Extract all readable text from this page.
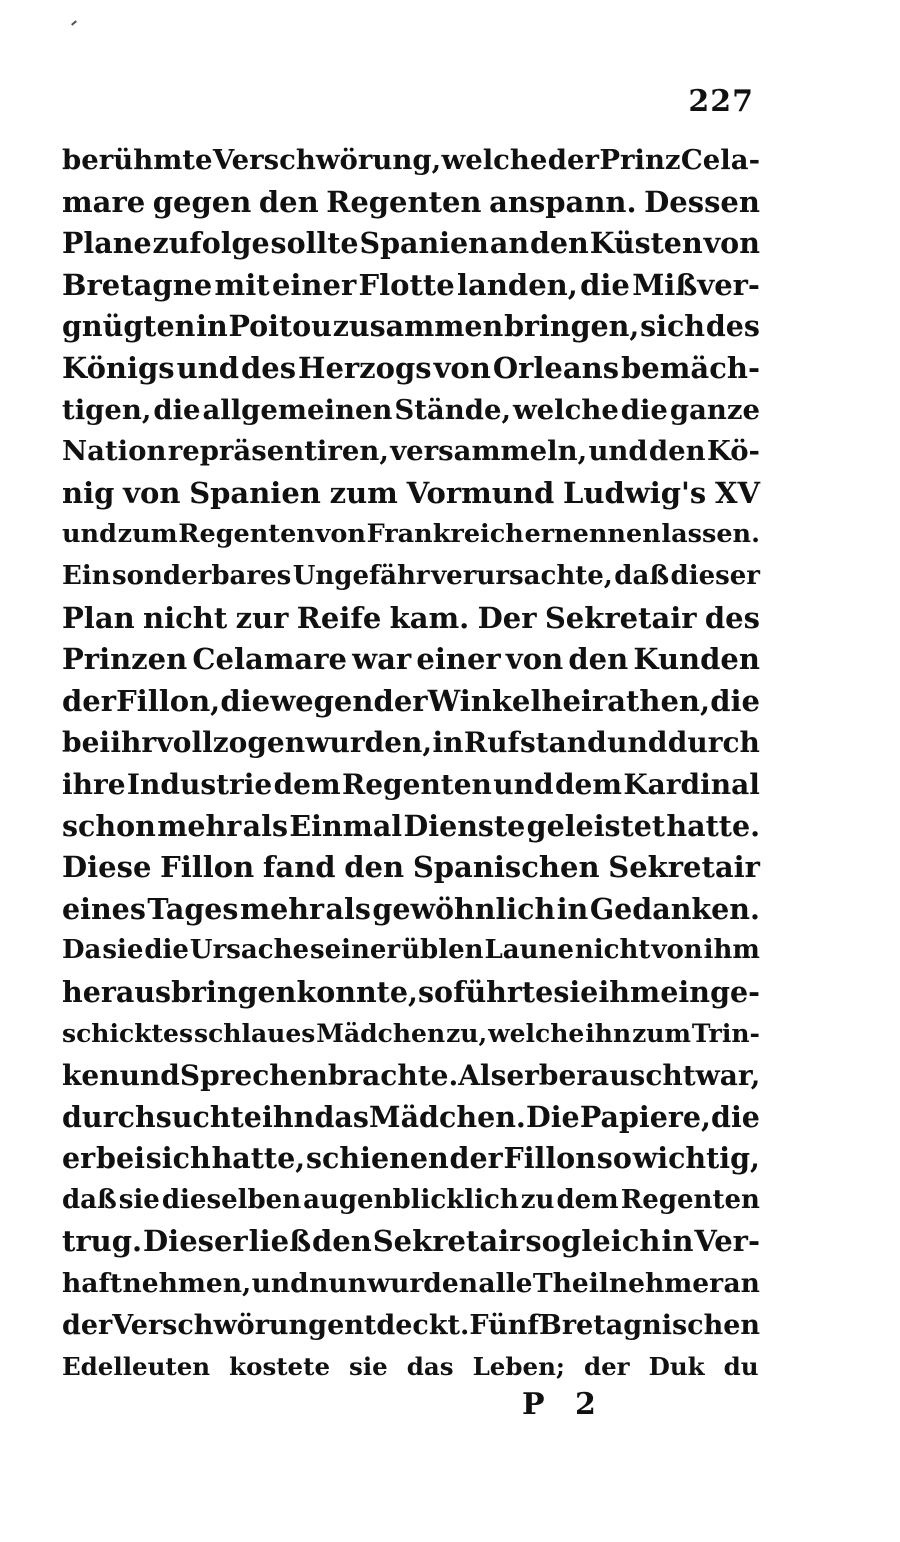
227
berühmte Verschwörung, welche der Prinz Cela-
mare gegen den Regenten anspann. Dessen
Plane zufolge sollte Spanien an den Küsten von
Bretagne mit einer Flotte landen, die Mißver-
gnügten in Poitou zusammen bringen, sich des
Königs und des Herzogs von Orleans bemäch-
tigen, die allgemeinen Stände, welche die ganze
Nation repräsentiren, versammeln, und den Kö-
nig von Spanien zum Vormund Ludwig's XV
und zum Regenten von Frankreich ernennen lassen.
Ein sonderbares Ungefähr verursachte, daß dieser
Plan nicht zur Reife kam. Der Sekretair des
Prinzen Celamare war einer von den Kunden
der Fillon, die wegen der Winkelheirathen, die
bei ihr vollzogen wurden, in Ruf stand und durch
ihre Industrie dem Regenten und dem Kardinal
schon mehr als Einmal Dienste geleistet hatte.
Diese Fillon fand den Spanischen Sekretair
eines Tages mehr als gewöhnlich in Gedanken.
Da sie die Ursache seiner üblen Laune nicht von ihm
herausbringen konnte, so führte sie ihm ein ge-
schicktes schlaues Mädchen zu, welche ihn zum Trin-
ken und Sprechen brachte. Als er berauscht war,
durchsuchte ihn das Mädchen. Die Papiere, die
er bei sich hatte, schienen der Fillon so wichtig,
daß sie dieselben augenblicklich zu dem Regenten
trug. Dieser ließ den Sekretair sogleich in Ver-
haft nehmen, und nun wurden alle Theilnehmer an
der Verschwörung entdeckt. Fünf Bretagnischen
Edelleuten kostete sie das Leben; der Duk du
P 2
